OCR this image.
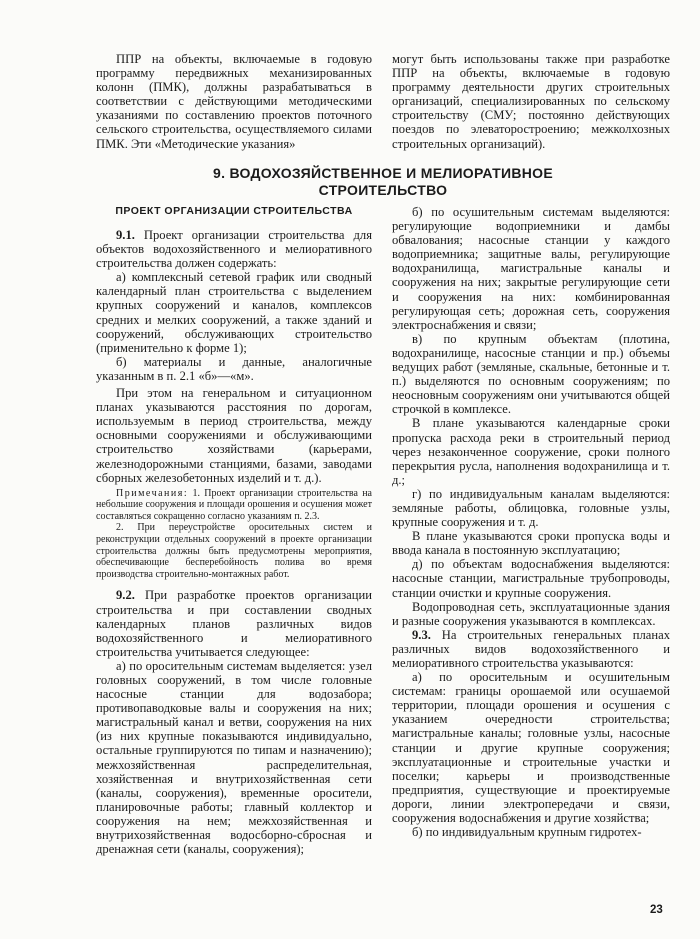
ППР на объекты, включаемые в годовую программу передвижных механизированных колонн (ПМК), должны разрабатываться в соответствии с действующими методическими указаниями по составлению проектов поточного сельского строительства, осуществляемого силами ПМК. Эти «Методические указания»

могут быть использованы также при разработке ППР на объекты, включаемые в годовую программу деятельности других строительных организаций, специализированных по сельскому строительству (СМУ; постоянно действующих поездов по элеваторостроению; межколхозных строительных организаций).

9. ВОДОХОЗЯЙСТВЕННОЕ И МЕЛИОРАТИВНОЕ
СТРОИТЕЛЬСТВО
ПРОЕКТ ОРГАНИЗАЦИИ СТРОИТЕЛЬСТВА

9.1. Проект организации строительства для объектов водохозяйственного и мелиоративного строительства должен содержать:

а) комплексный сетевой график или сводный календарный план строительства с выделением крупных сооружений и каналов, комплексов средних и мелких сооружений, а также зданий и сооружений, обслуживающих строительство (применительно к форме 1);

б) материалы и данные, аналогичные указанным в п. 2.1 «б»—«м».

При этом на генеральном и ситуационном планах указываются расстояния по дорогам, используемым в период строительства, между основными сооружениями и обслуживающими строительство хозяйствами (карьерами, железнодорожными станциями, базами, заводами сборных железобетонных изделий и т. д.).

Примечания: 1. Проект организации строительства на небольшие сооружения и площади орошения и осушения может составляться сокращенно согласно указаниям п. 2.3.

2. При переустройстве оросительных систем и реконструкции отдельных сооружений в проекте организации строительства должны быть предусмотрены мероприятия, обеспечивающие бесперебойность полива во время производства строительно-монтажных работ.

9.2. При разработке проектов организации строительства и при составлении сводных календарных планов различных видов водохозяйственного и мелиоративного строительства учитывается следующее:

а) по оросительным системам выделяется: узел головных сооружений, в том числе головные насосные станции для водозабора; противопаводковые валы и сооружения на них; магистральный канал и ветви, сооружения на них (из них крупные показываются индивидуально, остальные группируются по типам и назначению); межхозяйственная распределительная, хозяйственная и внутрихозяйственная сети (каналы, сооружения), временные оросители, планировочные работы; главный коллектор и сооружения на нем; межхозяйственная и внутрихозяйственная водосборно-сбросная и дренажная сети (каналы, сооружения);

б) по осушительным системам выделяются: регулирующие водоприемники и дамбы обвалования; насосные станции у каждого водоприемника; защитные валы, регулирующие водохранилища, магистральные каналы и сооружения на них; закрытые регулирующие сети и сооружения на них: комбинированная регулирующая сеть; дорожная сеть, сооружения электроснабжения и связи;

в) по крупным объектам (плотина, водохранилище, насосные станции и пр.) объемы ведущих работ (земляные, скальные, бетонные и т. п.) выделяются по основным сооружениям; по неосновным сооружениям они учитываются общей строчкой в комплексе.

В плане указываются календарные сроки пропуска расхода реки в строительный период через незаконченное сооружение, сроки полного перекрытия русла, наполнения водохранилища и т. д.;

г) по индивидуальным каналам выделяются: земляные работы, облицовка, головные узлы, крупные сооружения и т. д.

В плане указываются сроки пропуска воды и ввода канала в постоянную эксплуатацию;

д) по объектам водоснабжения выделяются: насосные станции, магистральные трубопроводы, станции очистки и крупные сооружения.

Водопроводная сеть, эксплуатационные здания и разные сооружения указываются в комплексах.

9.3. На строительных генеральных планах различных видов водохозяйственного и мелиоративного строительства указываются:

а) по оросительным и осушительным системам: границы орошаемой или осушаемой территории, площади орошения и осушения с указанием очередности строительства; магистральные каналы; головные узлы, насосные станции и другие крупные сооружения; эксплуатационные и строительные участки и поселки; карьеры и производственные предприятия, существующие и проектируемые дороги, линии электропередачи и связи, сооружения водоснабжения и другие хозяйства;

б) по индивидуальным крупным гидротех-

23
